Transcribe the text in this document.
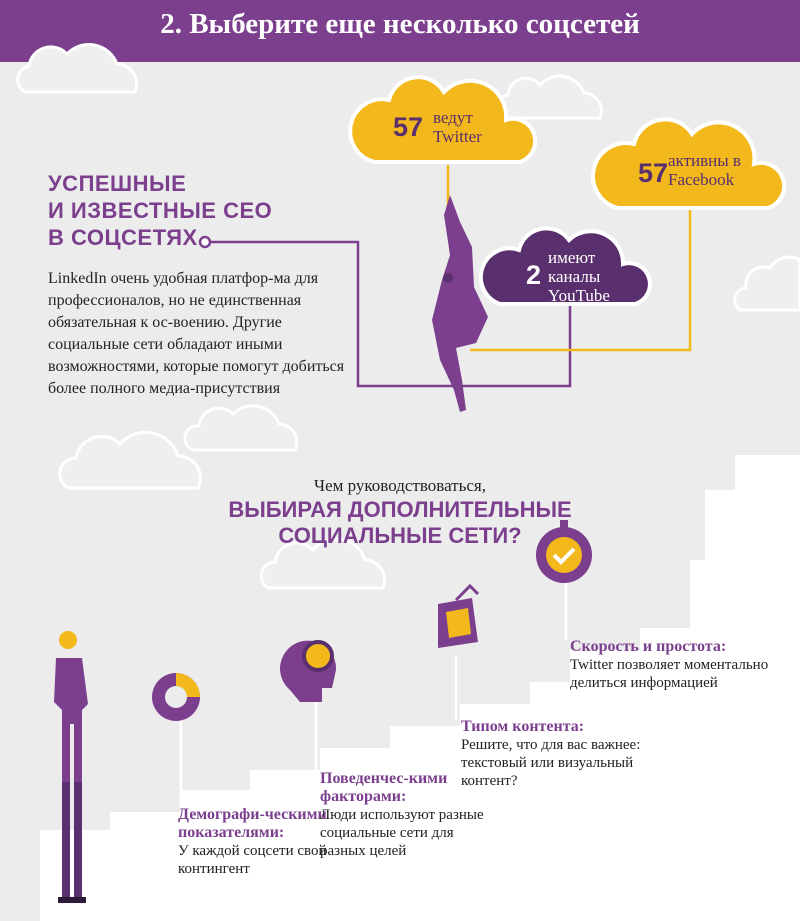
2. Выберите еще несколько соцсетей
УСПЕШНЫЕ
И ИЗВЕСТНЫЕ СЕО
В СОЦСЕТЯХ
LinkedIn очень удобная платфор-ма для профессионалов, но не единственная обязательная к ос-воению. Другие социальные сети обладают иными возможностями, которые помогут добиться более полного медиа-присутствия
57 ведут Twitter
57 активны в Facebook
2
имеют каналы YouTube
Чем руководствоваться,
ВЫБИРАЯ ДОПОЛНИТЕЛЬНЫЕ
СОЦИАЛЬНЫЕ СЕТИ?
Демографи-ческими показателями:
У каждой соцсети свой контингент
Поведенчес-кими факторами:
Люди используют разные социальные сети для разных целей
Типом контента:
Решите, что для вас важнее: текстовый или визуальный контент?
Скорость и простота:
Twitter позволяет моментально делиться информацией
